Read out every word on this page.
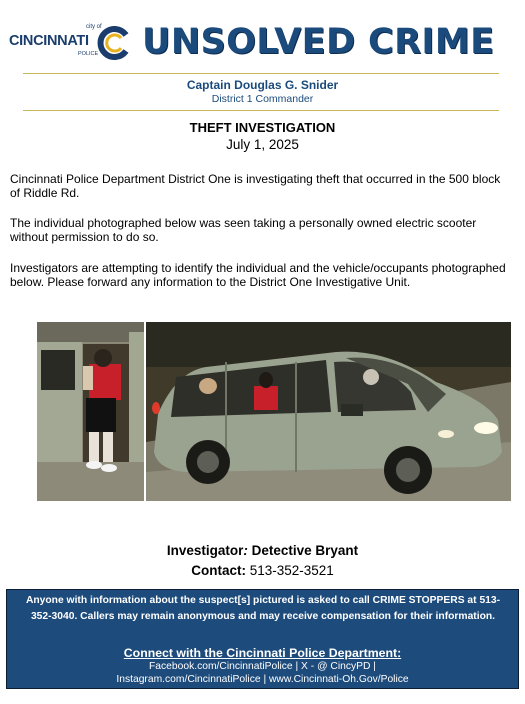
city of
CINCINNATI
POLICE UNSOLVED CRIME
Captain Douglas G. Snider
District 1 Commander
THEFT INVESTIGATION
July 1, 2025
Cincinnati Police Department District One is investigating theft that occurred in the 500 block of Riddle Rd.
The individual photographed below was seen taking a personally owned electric scooter without permission to do so.
Investigators are attempting to identify the individual and the vehicle/occupants photographed below. Please forward any information to the District One Investigative Unit.
Investigator: Detective Bryant
Contact: 513-352-3521
Anyone with information about the suspect[s] pictured is asked to call CRIME STOPPERS at 513-352-3040. Callers may remain anonymous and may receive compensation for their information.
Connect with the Cincinnati Police Department:
Facebook.com/CincinnatiPolice | X - @ CincyPD |
Instagram.com/CincinnatiPolice | www.Cincinnati-Oh.Gov/Police
